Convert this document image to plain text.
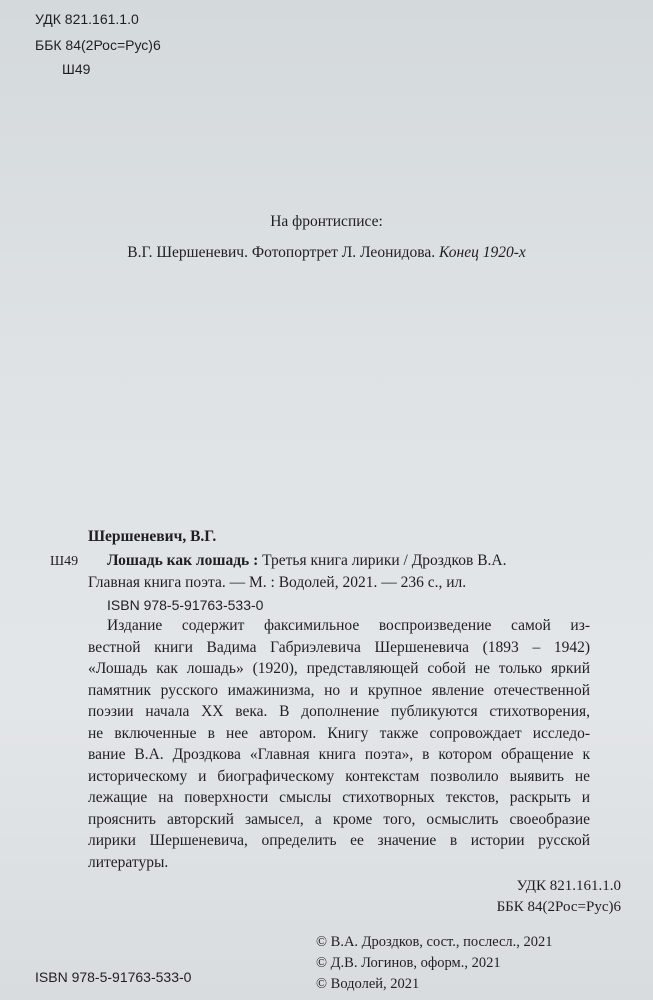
УДК 821.161.1.0
ББК 84(2Рос=Рус)6
Ш49
На фронтисписе:
В.Г. Шершеневич. Фотопортрет Л. Леонидова. Конец 1920-х
Шершеневич, В.Г.
Ш49 Лошадь как лошадь : Третья книга лирики / Дроздков В.А.
Главная книга поэта. — М. : Водолей, 2021. — 236 с., ил.
ISBN 978-5-91763-533-0
Издание содержит факсимильное воспроизведение самой из-
вестной книги Вадима Габриэлевича Шершеневича (1893 – 1942)
«Лошадь как лошадь» (1920), представляющей собой не только яркий
памятник русского имажинизма, но и крупное явление отечественной
поэзии начала XX века. В дополнение публикуются стихотворения,
не включенные в нее автором. Книгу также сопровождает исследо-
вание В.А. Дроздкова «Главная книга поэта», в котором обращение к
историческому и биографическому контекстам позволило выявить не
лежащие на поверхности смыслы стихотворных текстов, раскрыть и
прояснить авторский замысел, а кроме того, осмыслить своеобразие
лирики Шершеневича, определить ее значение в истории русской
литературы.
УДК 821.161.1.0
ББК 84(2Рос=Рус)6
© В.А. Дроздков, сост., послесл., 2021
© Д.В. Логинов, оформ., 2021
© Водолей, 2021
ISBN 978-5-91763-533-0
